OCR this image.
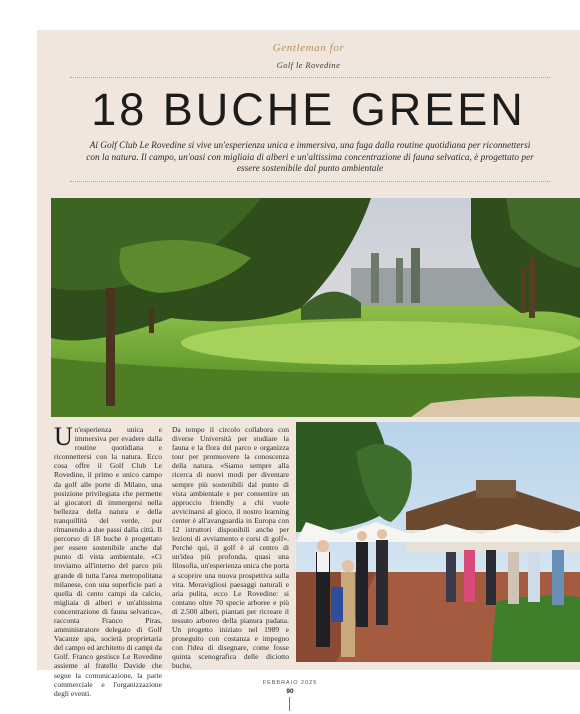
Gentleman for
Golf le Rovedine
18 BUCHE GREEN
Al Golf Club Le Rovedine si vive un'esperienza unica e immersiva, una fuga dalla routine quotidiana per riconnettersi con la natura. Il campo, un'oasi con migliaia di alberi e un'altissima concentrazione di fauna selvatica, è progettato per essere sostenibile dal punto ambientale

Un'esperienza unica e immersiva per evadere dalla routine quotidiana e riconnettersi con la natura. Ecco cosa offre il Golf Club Le Rovedine, il primo e unico campo da golf alle porte di Milano, una posizione privilegiata che permette ai giocatori di immergersi nella bellezza della natura e della tranquillità del verde, pur rimanendo a due passi dalla città. Il percorso di 18 buche è progettato per essere sostenibile anche dal punto di vista ambientale. «Ci troviamo all'interno del parco più grande di tutta l'area metropolitana milanese, con una superficie pari a quella di cento campi da calcio, migliaia di alberi e un'altissima concentrazione di fauna selvatica», racconta Franco Piras, amministratore delegato di Golf Vacanze spa, società proprietaria del campo ed architetto di campi da Golf. Franco gestisce Le Rovedine assieme al fratello Davide che segue la comunicazione, la parte commerciale e l'organizzazione degli eventi.

Da tempo il circolo collabora con diverse Università per studiare la fauna e la flora del parco e organizza tour per promuovere la conoscenza della natura. «Siamo sempre alla ricerca di nuovi modi per diventare sempre più sostenibili dal punto di vista ambientale e per consentire un approccio friendly a chi vuole avvicinarsi al gioco, il nostro learning center è all'avanguardia in Europa con 12 istruttori disponibili anche per lezioni di avviamento e corsi di golf». Perché qui, il golf è al centro di un'idea più profonda, quasi una filosofia, un'esperienza unica che porta a scoprire una nuova prospettiva sulla vita. Meravigliosi paesaggi naturali e aria pulita, ecco Le Rovedine: si contano oltre 70 specie arboree e più di 2.500 alberi, piantati per ricreare il tessuto arboreo della pianura padana. Un progetto iniziato nel 1989 e proseguito con costanza e impegno con l'idea di disegnare, come fosse quinta scenografica delle diciotto buche,

FEBBRAIO 2025
90
